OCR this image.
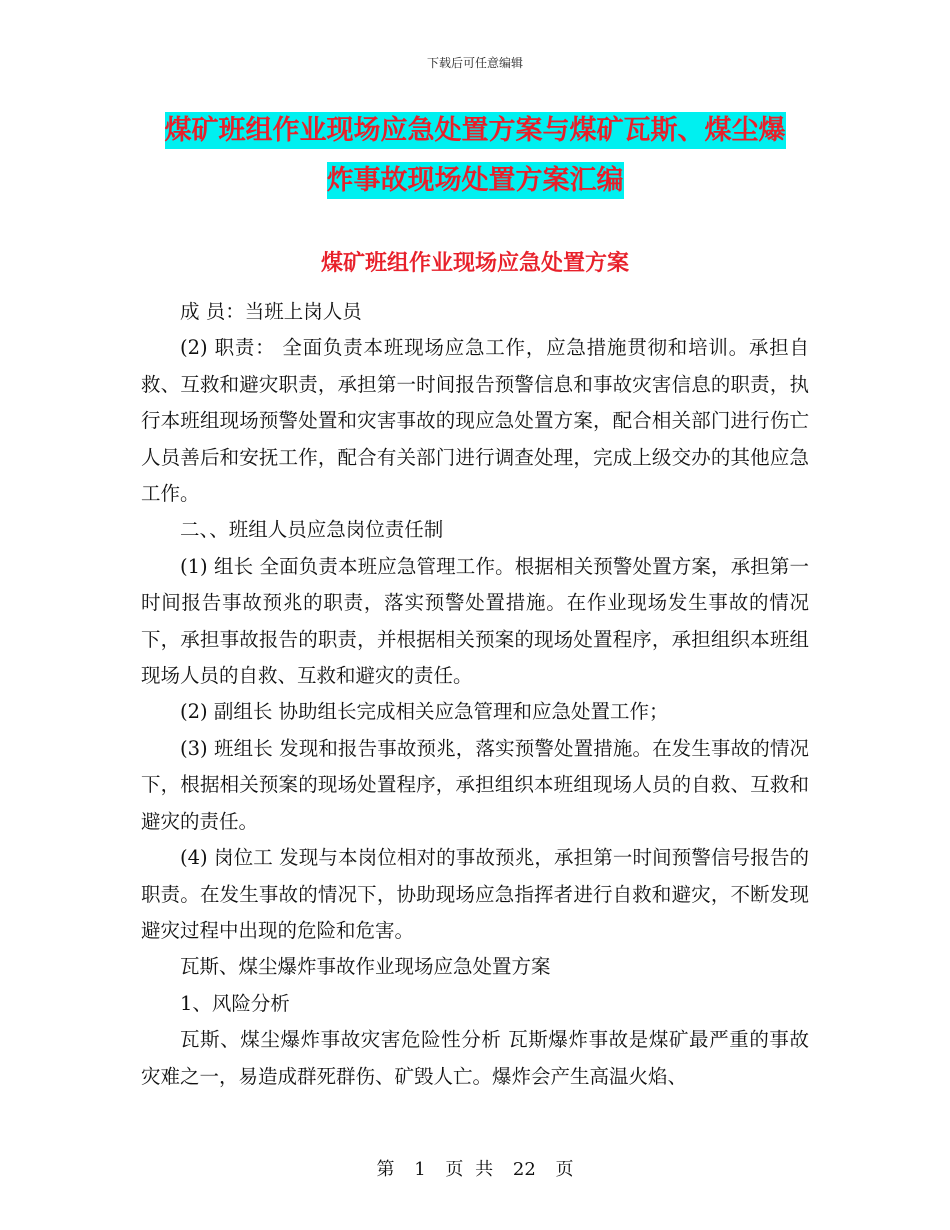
下载后可任意编辑
煤矿班组作业现场应急处置方案与煤矿瓦斯、煤尘爆
炸事故现场处置方案汇编
煤矿班组作业现场应急处置方案

成 员：当班上岗人员

(2) 职责： 全面负责本班现场应急工作，应急措施贯彻和培训。承担自救、互救和避灾职责，承担第一时间报告预警信息和事故灾害信息的职责，执行本班组现场预警处置和灾害事故的现应急处置方案，配合相关部门进行伤亡人员善后和安抚工作，配合有关部门进行调查处理，完成上级交办的其他应急工作。

二、、班组人员应急岗位责任制

(1) 组长 全面负责本班应急管理工作。根据相关预警处置方案，承担第一时间报告事故预兆的职责，落实预警处置措施。在作业现场发生事故的情况下，承担事故报告的职责，并根据相关预案的现场处置程序，承担组织本班组现场人员的自救、互救和避灾的责任。

(2) 副组长 协助组长完成相关应急管理和应急处置工作；

(3) 班组长 发现和报告事故预兆，落实预警处置措施。在发生事故的情况下，根据相关预案的现场处置程序，承担组织本班组现场人员的自救、互救和避灾的责任。

(4) 岗位工 发现与本岗位相对的事故预兆，承担第一时间预警信号报告的职责。在发生事故的情况下，协助现场应急指挥者进行自救和避灾，不断发现避灾过程中出现的危险和危害。

瓦斯、煤尘爆炸事故作业现场应急处置方案

1、风险分析

瓦斯、煤尘爆炸事故灾害危险性分析 瓦斯爆炸事故是煤矿最严重的事故灾难之一，易造成群死群伤、矿毁人亡。爆炸会产生高温火焰、

第 1 页 共 22 页
